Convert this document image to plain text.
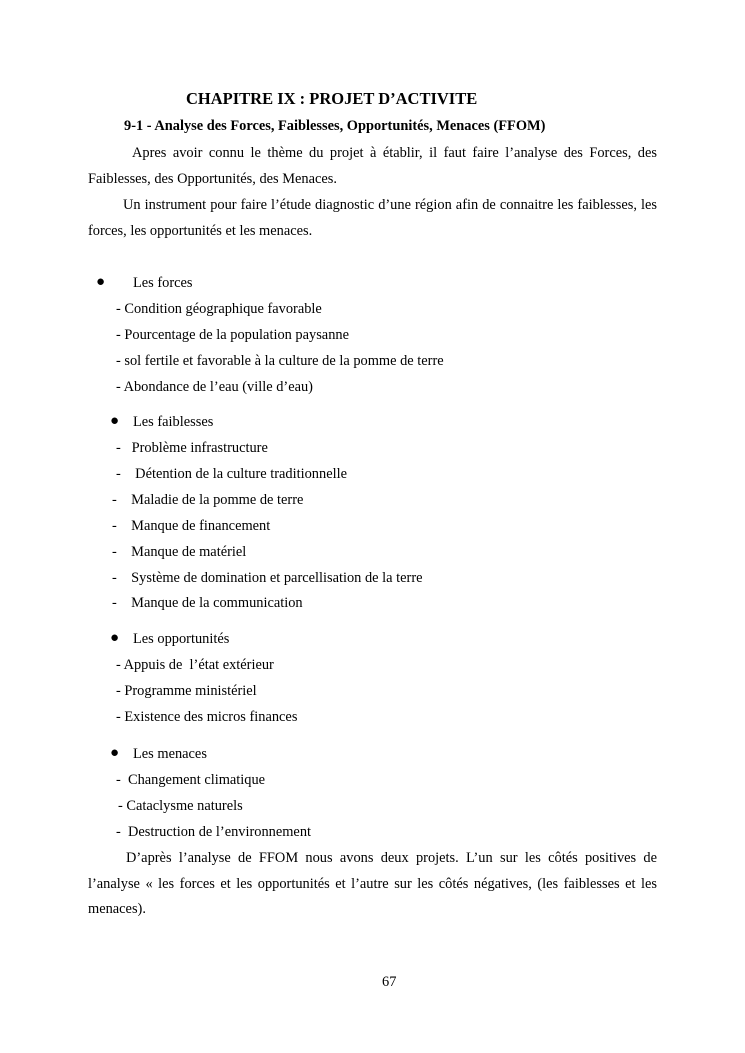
CHAPITRE IX : PROJET D’ACTIVITE
9-1 - Analyse des Forces, Faiblesses, Opportunités, Menaces (FFOM)
Apres avoir connu le thème du projet à établir, il faut faire l’analyse des Forces, des Faiblesses, des Opportunités, des Menaces.
Un instrument pour faire l’étude diagnostic d’une région afin de connaitre les faiblesses, les forces, les opportunités et les menaces.
● Les forces
- Condition géographique favorable
- Pourcentage de la population paysanne
- sol fertile et favorable à la culture de la pomme de terre
- Abondance de l’eau (ville d’eau)
● Les faiblesses
-   Problème infrastructure
-    Détention de la culture traditionnelle
-    Maladie de la pomme de terre
-    Manque de financement
-    Manque de matériel
-    Système de domination et parcellisation de la terre
-    Manque de la communication
● Les opportunités
- Appuis de  l’état extérieur
- Programme ministériel
- Existence des micros finances
● Les menaces
-  Changement climatique
- Cataclysme naturels
-  Destruction de l’environnement
D’après l’analyse de FFOM nous avons deux projets. L’un sur les côtés positives de l’analyse « les forces et les opportunités et l’autre sur les côtés négatives, (les faiblesses et les menaces).
67
